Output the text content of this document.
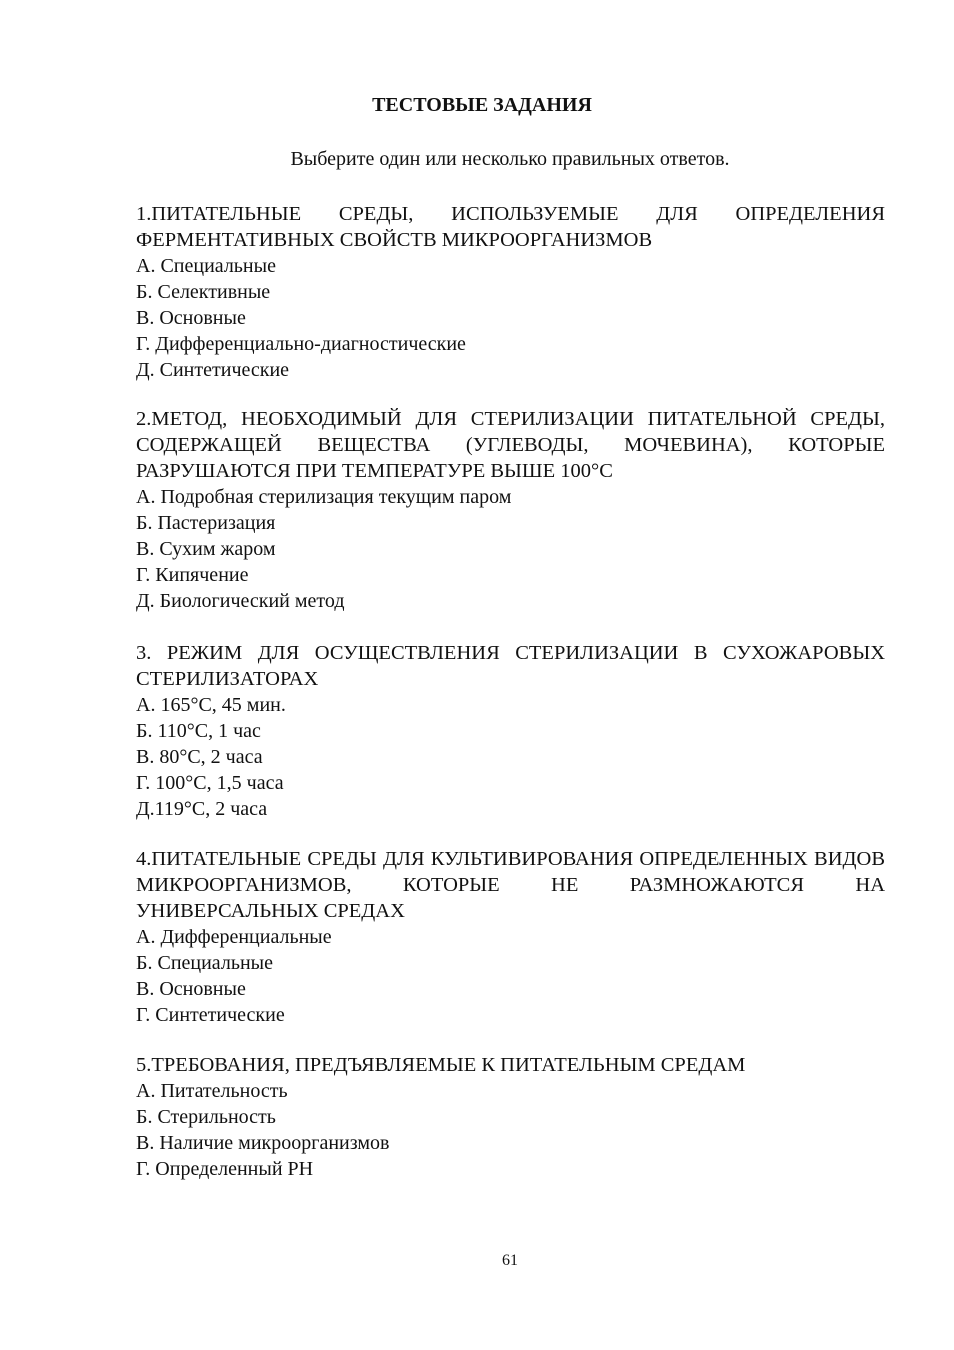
ТЕСТОВЫЕ ЗАДАНИЯ
Выберите один или несколько правильных ответов.

1.ПИТАТЕЛЬНЫЕ СРЕДЫ, ИСПОЛЬЗУЕМЫЕ ДЛЯ ОПРЕДЕЛЕНИЯ ФЕРМЕНТАТИВНЫХ СВОЙСТВ МИКРООРГАНИЗМОВ

А. Специальные

Б. Селективные

В. Основные

Г. Дифференциально-диагностические

Д. Синтетические

2.МЕТОД, НЕОБХОДИМЫЙ ДЛЯ СТЕРИЛИЗАЦИИ ПИТАТЕЛЬНОЙ СРЕДЫ, СОДЕРЖАЩЕЙ ВЕЩЕСТВА (УГЛЕВОДЫ, МОЧЕВИНА), КОТОРЫЕ РАЗРУШАЮТСЯ ПРИ ТЕМПЕРАТУРЕ ВЫШЕ 100°С

А. Подробная стерилизация текущим паром

Б. Пастеризация

В. Сухим жаром

Г. Кипячение

Д. Биологический метод

3. РЕЖИМ ДЛЯ ОСУЩЕСТВЛЕНИЯ СТЕРИЛИЗАЦИИ В СУХОЖАРОВЫХ СТЕРИЛИЗАТОРАХ

А. 165°С, 45 мин.

Б. 110°С, 1 час

В. 80°С, 2 часа

Г. 100°С, 1,5 часа

Д.119°С, 2 часа

4.ПИТАТЕЛЬНЫЕ СРЕДЫ ДЛЯ КУЛЬТИВИРОВАНИЯ ОПРЕДЕЛЕННЫХ ВИДОВ МИКРООРГАНИЗМОВ, КОТОРЫЕ НЕ РАЗМНОЖАЮТСЯ НА УНИВЕРСАЛЬНЫХ СРЕДАХ

А. Дифференциальные

Б. Специальные

В. Основные

Г. Синтетические

5.ТРЕБОВАНИЯ, ПРЕДЪЯВЛЯЕМЫЕ К ПИТАТЕЛЬНЫМ СРЕДАМ

А. Питательность

Б. Стерильность

В. Наличие микроорганизмов

Г. Определенный РН

61
